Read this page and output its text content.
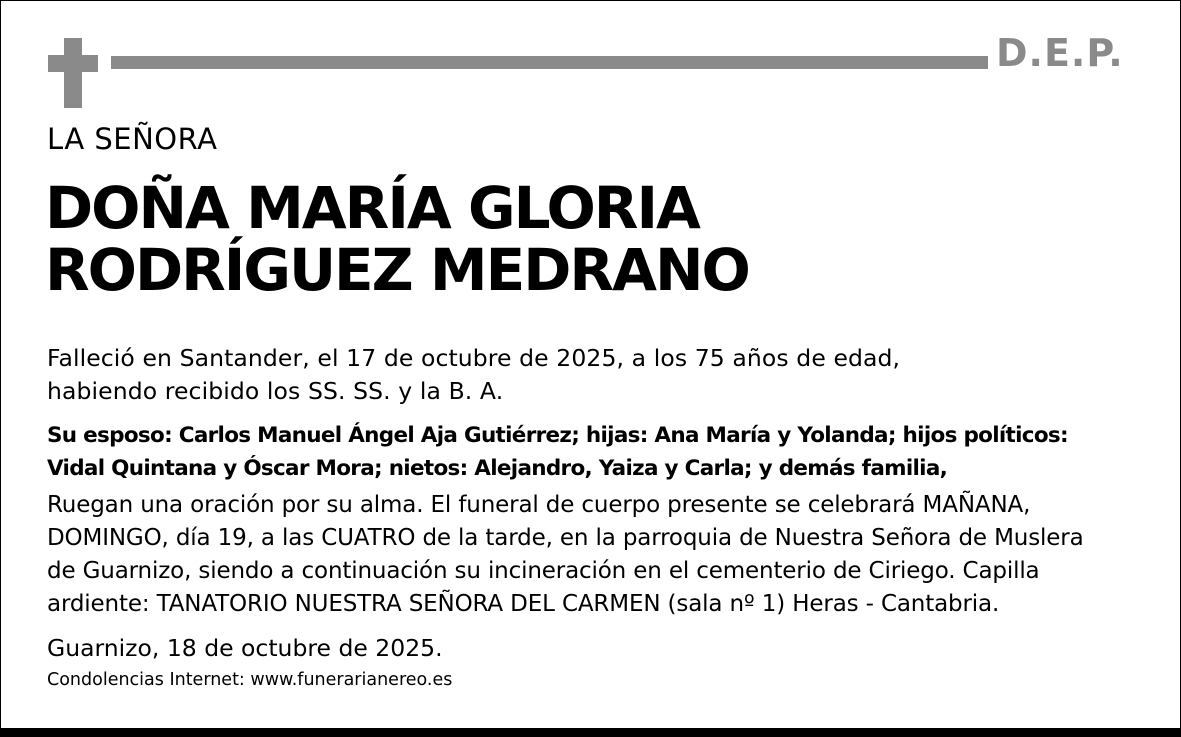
D.E.P.
LA SEÑORA
DOÑA MARÍA GLORIA
RODRÍGUEZ MEDRANO
Falleció en Santander, el 17 de octubre de 2025, a los 75 años de edad,
habiendo recibido los SS. SS. y la B. A.
Su esposo: Carlos Manuel Ángel Aja Gutiérrez; hijas: Ana María y Yolanda; hijos políticos:
Vidal Quintana y Óscar Mora; nietos: Alejandro, Yaiza y Carla; y demás familia,
Ruegan una oración por su alma. El funeral de cuerpo presente se celebrará MAÑANA,
DOMINGO, día 19, a las CUATRO de la tarde, en la parroquia de Nuestra Señora de Muslera
de Guarnizo, siendo a continuación su incineración en el cementerio de Ciriego. Capilla
ardiente: TANATORIO NUESTRA SEÑORA DEL CARMEN (sala nº 1) Heras - Cantabria.
Guarnizo, 18 de octubre de 2025.
Condolencias Internet: www.funerarianereo.es
